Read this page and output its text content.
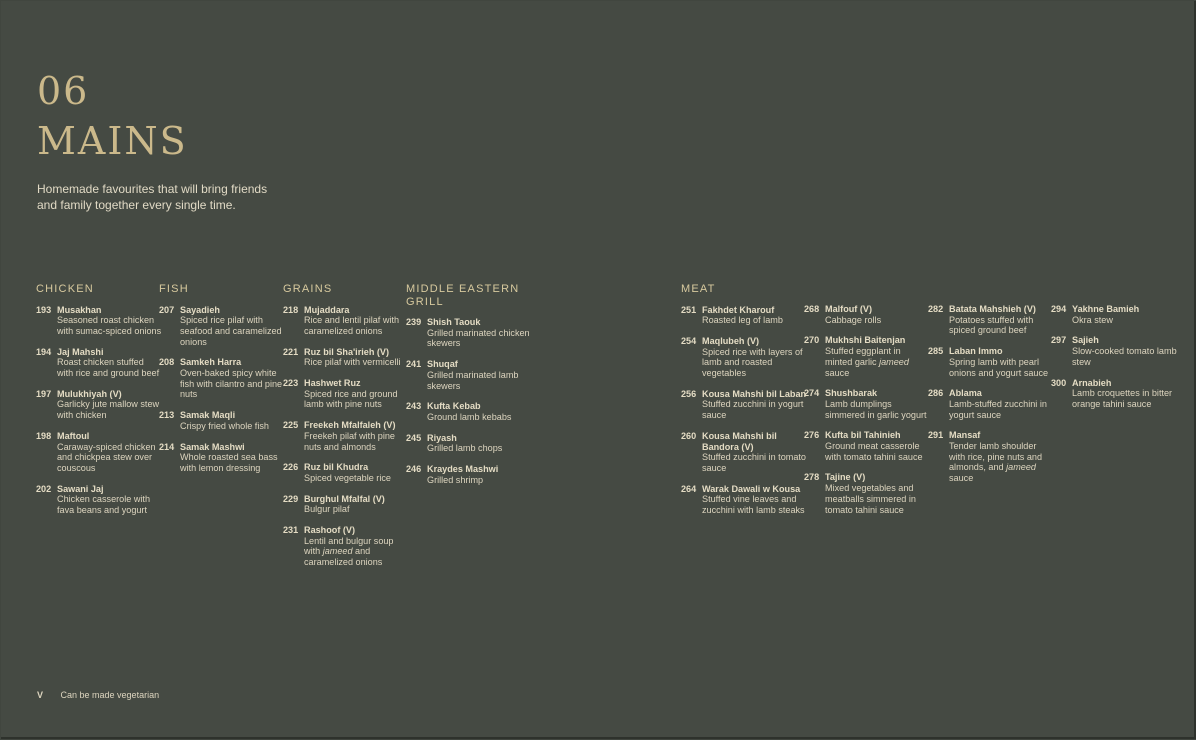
06
MAINS
Homemade favourites that will bring friends and family together every single time.
CHICKEN
193 Musakhan
Seasoned roast chicken with sumac-spiced onions
194 Jaj Mahshi
Roast chicken stuffed with rice and ground beef
197 Mulukhiyah (V)
Garlicky jute mallow stew with chicken
198 Maftoul
Caraway-spiced chicken and chickpea stew over couscous
202 Sawani Jaj
Chicken casserole with fava beans and yogurt
FISH
207 Sayadieh
Spiced rice pilaf with seafood and caramelized onions
208 Samkeh Harra
Oven-baked spicy white fish with cilantro and pine nuts
213 Samak Maqli
Crispy fried whole fish
214 Samak Mashwi
Whole roasted sea bass with lemon dressing
GRAINS
218 Mujaddara
Rice and lentil pilaf with caramelized onions
221 Ruz bil Sha'irieh (V)
Rice pilaf with vermicelli
223 Hashwet Ruz
Spiced rice and ground lamb with pine nuts
225 Freekeh Mfalfaleh (V)
Freekeh pilaf with pine nuts and almonds
226 Ruz bil Khudra
Spiced vegetable rice
229 Burghul Mfalfal (V)
Bulgur pilaf
231 Rashoof (V)
Lentil and bulgur soup with jameed and caramelized onions
MIDDLE EASTERN GRILL
239 Shish Taouk
Grilled marinated chicken skewers
241 Shuqaf
Grilled marinated lamb skewers
243 Kufta Kebab
Ground lamb kebabs
245 Riyash
Grilled lamb chops
246 Kraydes Mashwi
Grilled shrimp
MEAT
251 Fakhdet Kharouf
Roasted leg of lamb
254 Maqlubeh (V)
Spiced rice with layers of lamb and roasted vegetables
256 Kousa Mahshi bil Laban
Stuffed zucchini in yogurt sauce
260 Kousa Mahshi bil Bandora (V)
Stuffed zucchini in tomato sauce
264 Warak Dawali w Kousa
Stuffed vine leaves and zucchini with lamb steaks
268 Malfouf (V)
Cabbage rolls
270 Mukhshi Baitenjan
Stuffed eggplant in minted garlic jameed sauce
274 Shushbarak
Lamb dumplings simmered in garlic yogurt
276 Kufta bil Tahinieh
Ground meat casserole with tomato tahini sauce
278 Tajine (V)
Mixed vegetables and meatballs simmered in tomato tahini sauce
282 Batata Mahshieh (V)
Potatoes stuffed with spiced ground beef
285 Laban Immo
Spring lamb with pearl onions and yogurt sauce
286 Ablama
Lamb-stuffed zucchini in yogurt sauce
291 Mansaf
Tender lamb shoulder with rice, pine nuts and almonds, and jameed sauce
294 Yakhne Bamieh
Okra stew
297 Sajieh
Slow-cooked tomato lamb stew
300 Arnabieh
Lamb croquettes in bitter orange tahini sauce
V Can be made vegetarian
